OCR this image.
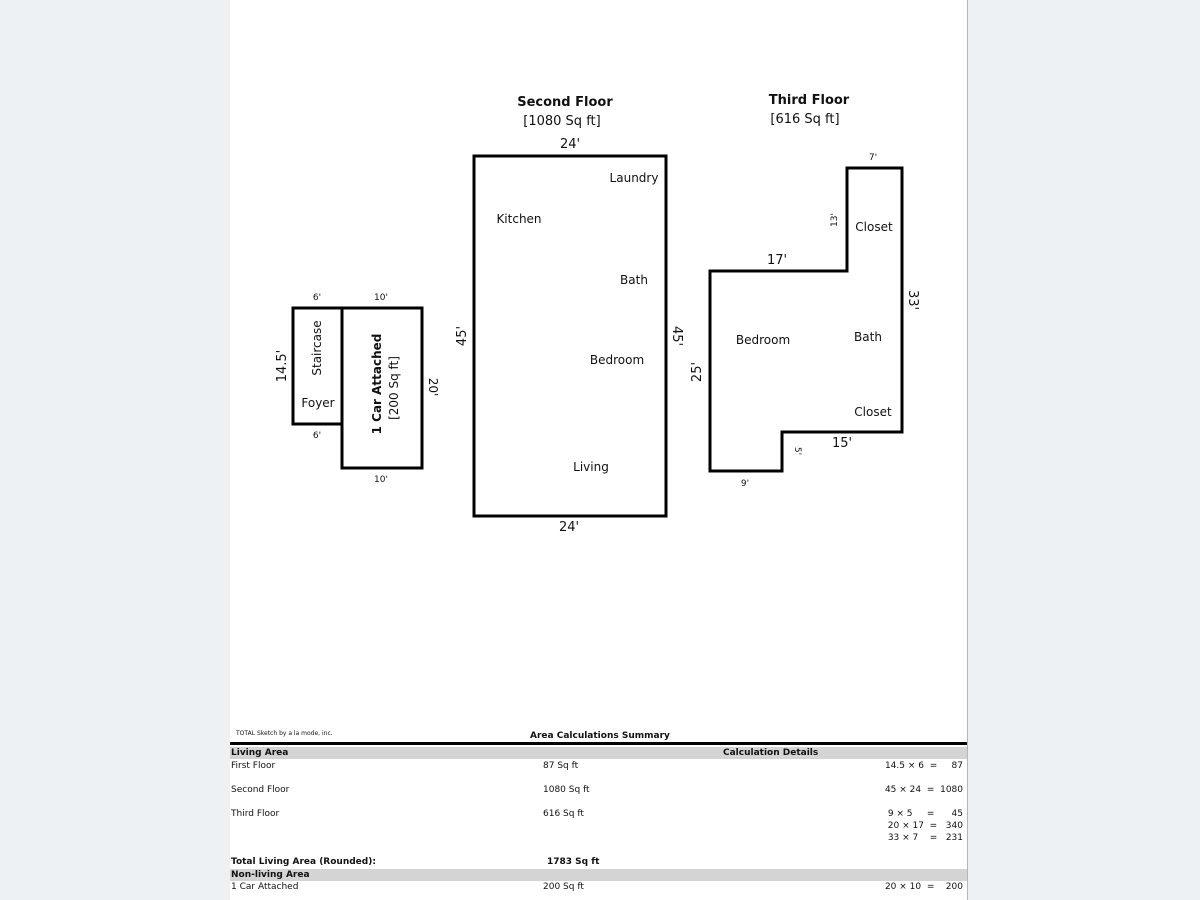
6'
6'
14.5' Staircase
Foyer
10'
10'
20'
1 Car Attached [200 Sq ft]
Second Floor
[1080 Sq ft]
24'
24'
45'	45'
Laundry
Kitchen
Bath
Bedroom
Living
Third Floor
[616 Sq ft]
7'
13'
17'
33'
25'
15'
5'
9'
Closet
Bedroom	Bath
Closet
TOTAL Sketch by a la mode, inc.	Area Calculations Summary
Living Area	Calculation Details
First Floor	87 Sq ft	14.5 × 6  =     87
Second Floor	1080 Sq ft	45 × 24  =  1080
Third Floor	616 Sq ft	9 × 5     =      45
20 × 17  =   340
33 × 7    =   231
Total Living Area (Rounded):	1783 Sq ft
Non-living Area
1 Car Attached	200 Sq ft	20 × 10  =    200
